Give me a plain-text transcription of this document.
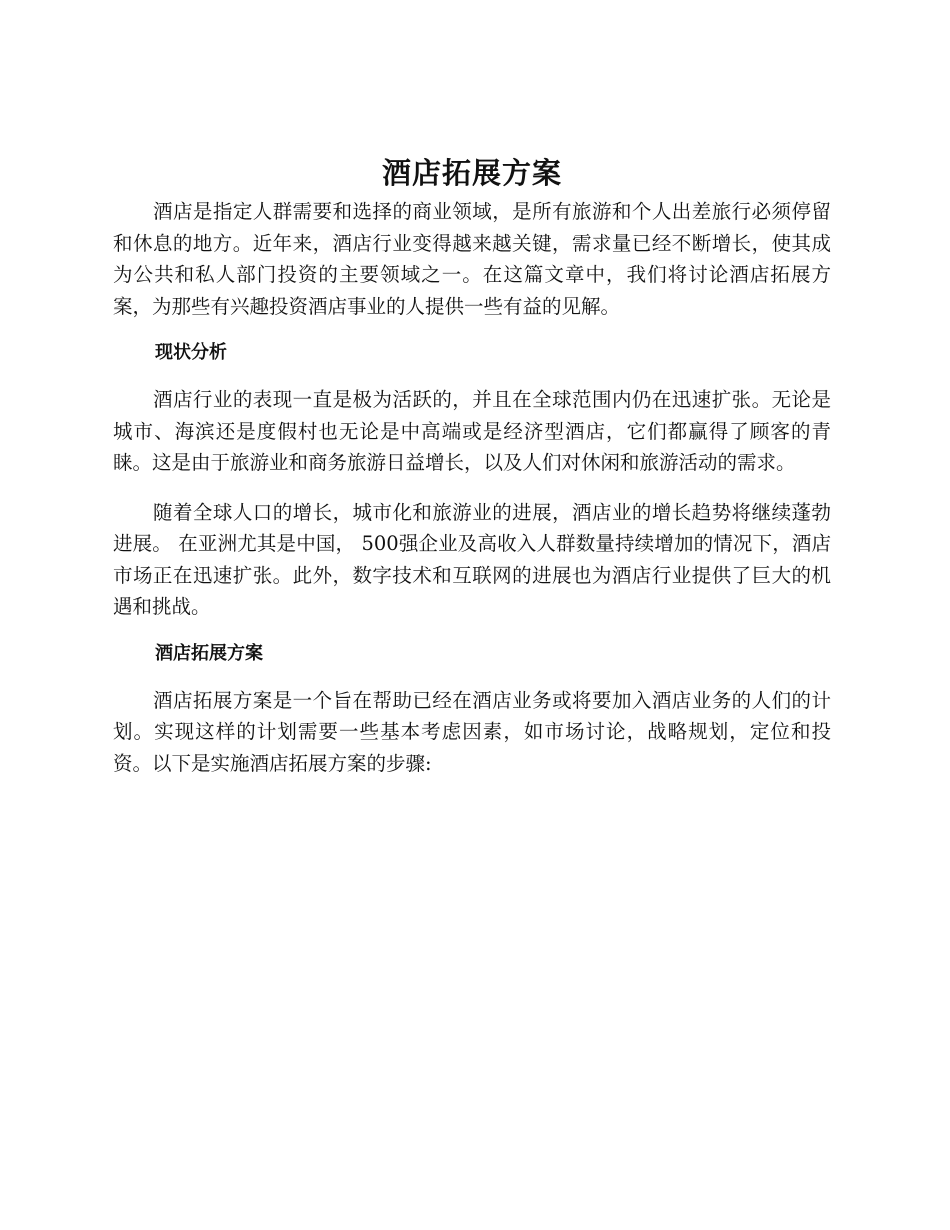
酒店拓展方案

酒店是指定人群需要和选择的商业领域，是所有旅游和个人出差旅行必须停留和休息的地方。近年来，酒店行业变得越来越关键，需求量已经不断增长，使其成为公共和私人部门投资的主要领域之一。在这篇文章中，我们将讨论酒店拓展方案，为那些有兴趣投资酒店事业的人提供一些有益的见解。

现状分析

酒店行业的表现一直是极为活跃的，并且在全球范围内仍在迅速扩张。无论是城市、海滨还是度假村也无论是中高端或是经济型酒店，它们都赢得了顾客的青睐。这是由于旅游业和商务旅游日益增长，以及人们对休闲和旅游活动的需求。

随着全球人口的增长，城市化和旅游业的进展，酒店业的增长趋势将继续蓬勃进展。 在亚洲尤其是中国， 500强企业及高收入人群数量持续增加的情况下，酒店市场正在迅速扩张。此外，数字技术和互联网的进展也为酒店行业提供了巨大的机遇和挑战。

酒店拓展方案

酒店拓展方案是一个旨在帮助已经在酒店业务或将要加入酒店业务的人们的计划。实现这样的计划需要一些基本考虑因素，如市场讨论，战略规划，定位和投资。以下是实施酒店拓展方案的步骤:
